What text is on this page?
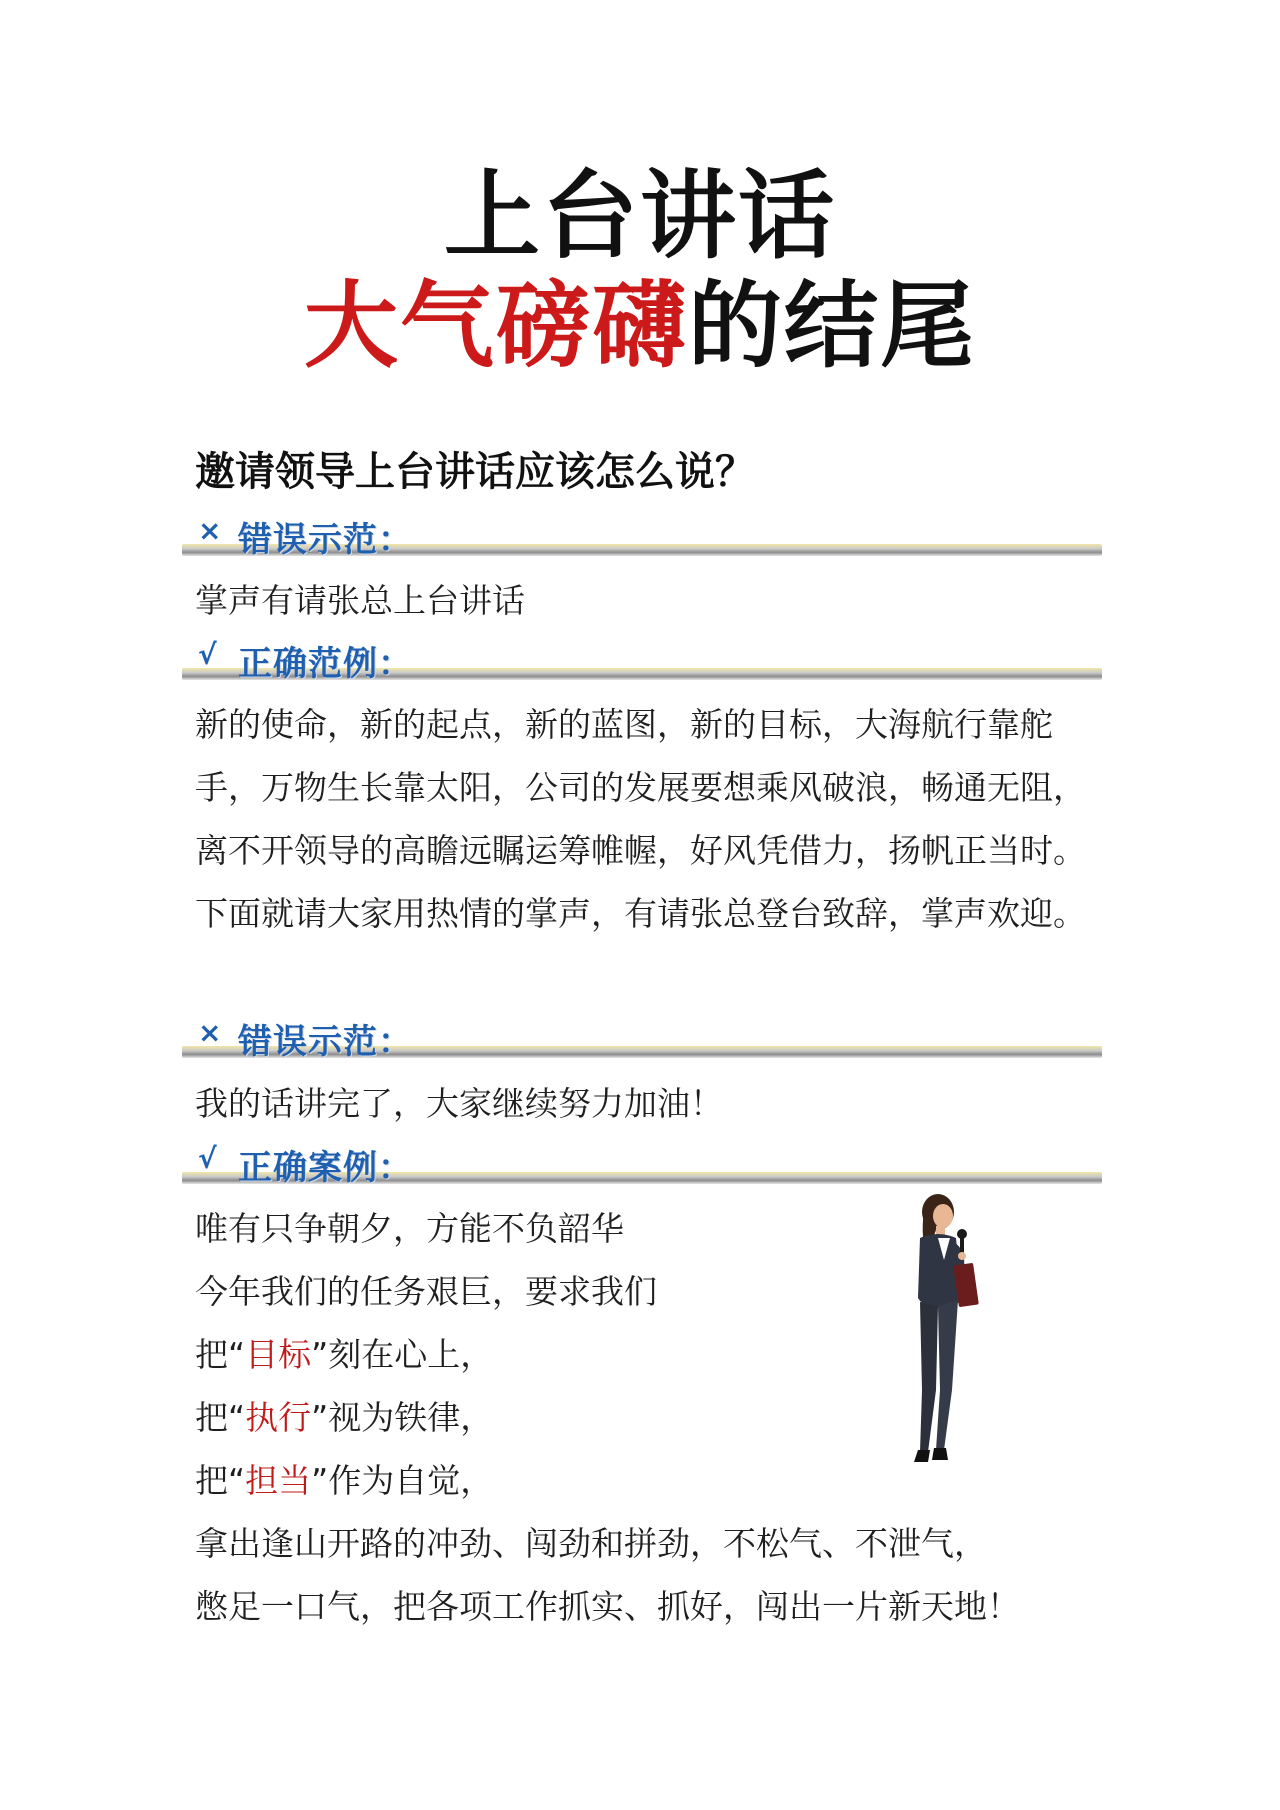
上台讲话
大气磅礴的结尾
邀请领导上台讲话应该怎么说？
× 错误示范：
掌声有请张总上台讲话
√ 正确范例：
新的使命，新的起点，新的蓝图，新的目标，大海航行靠舵
手，万物生长靠太阳，公司的发展要想乘风破浪，畅通无阻，
离不开领导的高瞻远瞩运筹帷幄，好风凭借力，扬帆正当时。
下面就请大家用热情的掌声，有请张总登台致辞，掌声欢迎。
× 错误示范：
我的话讲完了，大家继续努力加油！
√ 正确案例：
唯有只争朝夕，方能不负韶华
今年我们的任务艰巨，要求我们
把“目标”刻在心上，
把“执行”视为铁律，
把“担当”作为自觉，
拿出逢山开路的冲劲、闯劲和拼劲，不松气、不泄气，
憋足一口气，把各项工作抓实、抓好，闯出一片新天地！
